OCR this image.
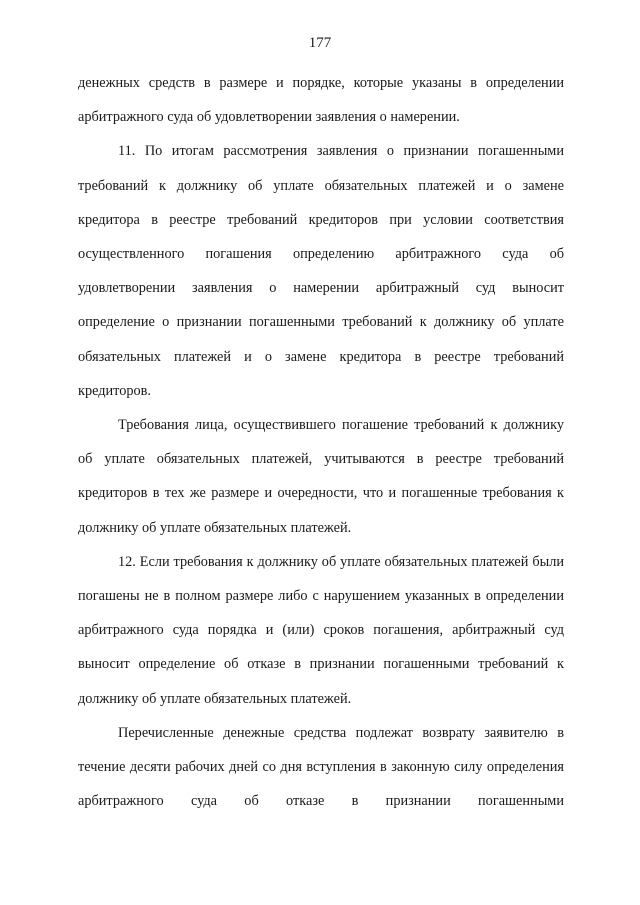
177

денежных средств в размере и порядке, которые указаны в определении арбитражного суда об удовлетворении заявления о намерении.

11. По итогам рассмотрения заявления о признании погашенными требований к должнику об уплате обязательных платежей и о замене кредитора в реестре требований кредиторов при условии соответствия осуществленного погашения определению арбитражного суда об удовлетворении заявления о намерении арбитражный суд выносит определение о признании погашенными требований к должнику об уплате обязательных платежей и о замене кредитора в реестре требований кредиторов.

Требования лица, осуществившего погашение требований к должнику об уплате обязательных платежей, учитываются в реестре требований кредиторов в тех же размере и очередности, что и погашенные требования к должнику об уплате обязательных платежей.

12. Если требования к должнику об уплате обязательных платежей были погашены не в полном размере либо с нарушением указанных в определении арбитражного суда порядка и (или) сроков погашения, арбитражный суд выносит определение об отказе в признании погашенными требований к должнику об уплате обязательных платежей.

Перечисленные денежные средства подлежат возврату заявителю в течение десяти рабочих дней со дня вступления в законную силу определения арбитражного суда об отказе в признании погашенными
